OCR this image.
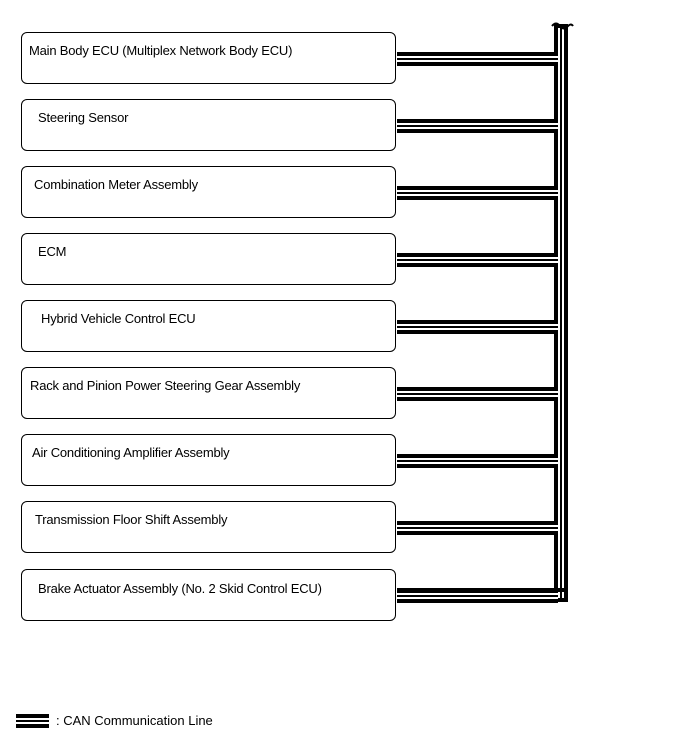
Main Body ECU (Multiplex Network Body ECU)
Steering Sensor
Combination Meter Assembly
ECM
Hybrid Vehicle Control ECU
Rack and Pinion Power Steering Gear Assembly
Air Conditioning Amplifier Assembly
Transmission Floor Shift Assembly
Brake Actuator Assembly (No. 2 Skid Control ECU)
: CAN Communication Line
